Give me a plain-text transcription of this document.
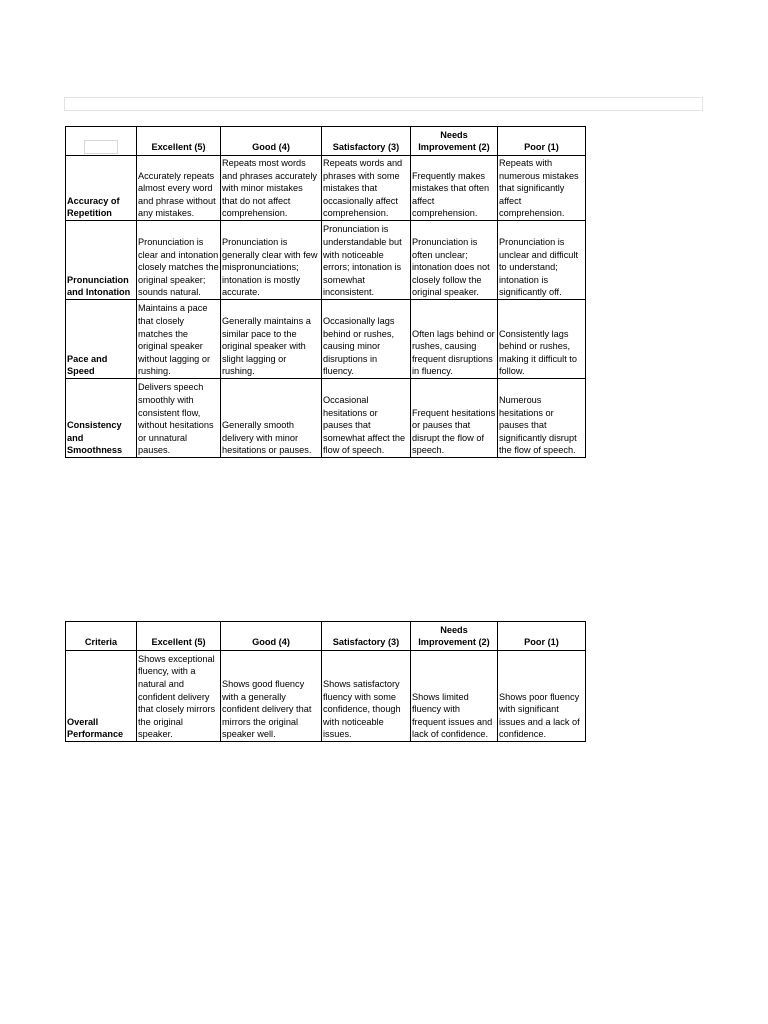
	Excellent (5)	Good (4)	Satisfactory (3)	Needs Improvement (2)	Poor (1)
Accuracy of Repetition	Accurately repeats almost every word and phrase without any mistakes.	Repeats most words and phrases accurately with minor mistakes that do not affect comprehension.	Repeats words and phrases with some mistakes that occasionally affect comprehension.	Frequently makes mistakes that often affect comprehension.	Repeats with numerous mistakes that significantly affect comprehension.
Pronunciation and Intonation	Pronunciation is clear and intonation closely matches the original speaker; sounds natural.	Pronunciation is generally clear with few mispronunciations; intonation is mostly accurate.	Pronunciation is understandable but with noticeable errors; intonation is somewhat inconsistent.	Pronunciation is often unclear; intonation does not closely follow the original speaker.	Pronunciation is unclear and difficult to understand; intonation is significantly off.
Pace and Speed	Maintains a pace that closely matches the original speaker without lagging or rushing.	Generally maintains a similar pace to the original speaker with slight lagging or rushing.	Occasionally lags behind or rushes, causing minor disruptions in fluency.	Often lags behind or rushes, causing frequent disruptions in fluency.	Consistently lags behind or rushes, making it difficult to follow.
Consistency and Smoothness	Delivers speech smoothly with consistent flow, without hesitations or unnatural pauses.	Generally smooth delivery with minor hesitations or pauses.	Occasional hesitations or pauses that somewhat affect the flow of speech.	Frequent hesitations or pauses that disrupt the flow of speech.	Numerous hesitations or pauses that significantly disrupt the flow of speech.
Criteria	Excellent (5)	Good (4)	Satisfactory (3)	Needs Improvement (2)	Poor (1)
Overall Performance	Shows exceptional fluency, with a natural and confident delivery that closely mirrors the original speaker.	Shows good fluency with a generally confident delivery that mirrors the original speaker well.	Shows satisfactory fluency with some confidence, though with noticeable issues.	Shows limited fluency with frequent issues and lack of confidence.	Shows poor fluency with significant issues and a lack of confidence.
